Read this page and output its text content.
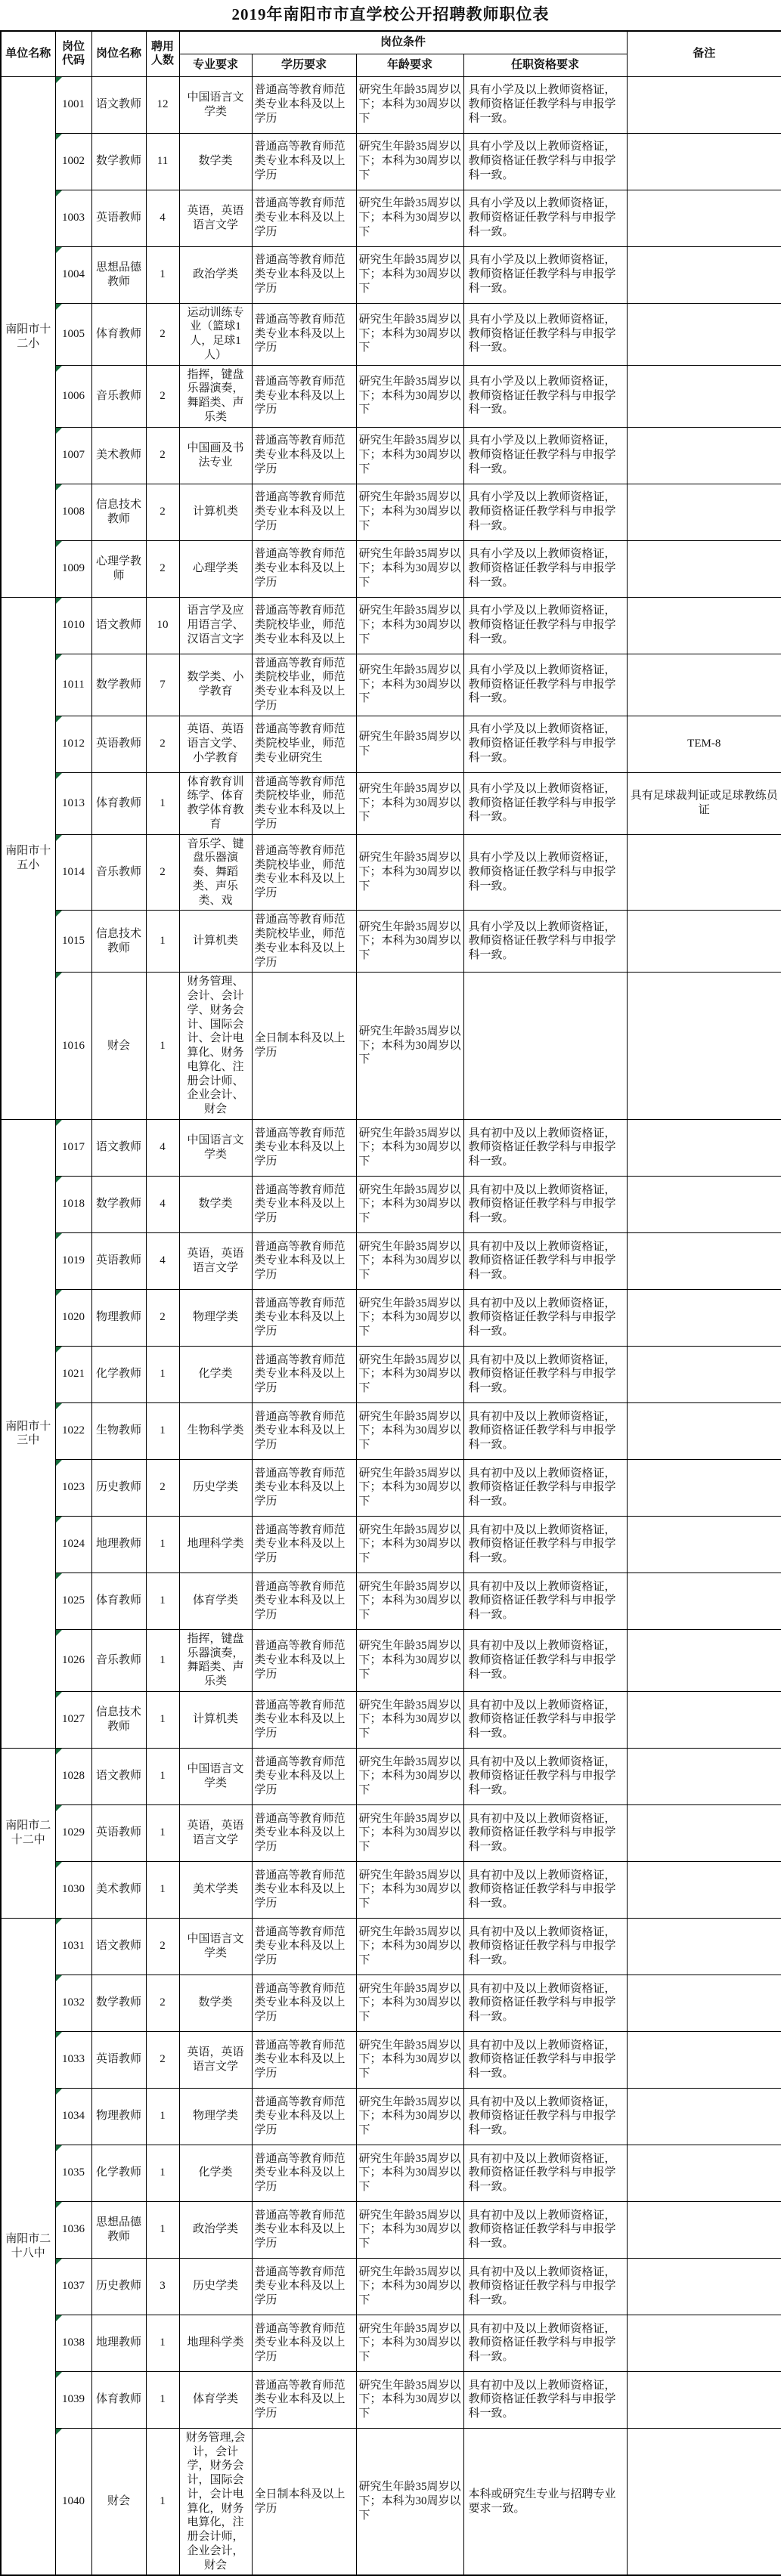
2019年南阳市市直学校公开招聘教师职位表
单位名称	岗位代码	岗位名称	聘用人数	岗位条件				备注
				专业要求	学历要求	年龄要求	任职资格要求	
南阳市十二小	1001	语文教师	12	中国语言文学类	普通高等教育师范类专业本科及以上学历	研究生年龄35周岁以下；本科为30周岁以下	具有小学及以上教师资格证，教师资格证任教学科与申报学科一致。	
	1002	数学教师	11	数学类	普通高等教育师范类专业本科及以上学历	研究生年龄35周岁以下；本科为30周岁以下	具有小学及以上教师资格证，教师资格证任教学科与申报学科一致。	
	1003	英语教师	4	英语，英语语言文学	普通高等教育师范类专业本科及以上学历	研究生年龄35周岁以下；本科为30周岁以下	具有小学及以上教师资格证，教师资格证任教学科与申报学科一致。	
	1004	思想品德教师	1	政治学类	普通高等教育师范类专业本科及以上学历	研究生年龄35周岁以下；本科为30周岁以下	具有小学及以上教师资格证，教师资格证任教学科与申报学科一致。	
	1005	体育教师	2	运动训练专业（篮球1人，足球1人）	普通高等教育师范类专业本科及以上学历	研究生年龄35周岁以下；本科为30周岁以下	具有小学及以上教师资格证，教师资格证任教学科与申报学科一致。	
	1006	音乐教师	2	指挥，键盘乐器演奏，舞蹈类、声乐类	普通高等教育师范类专业本科及以上学历	研究生年龄35周岁以下；本科为30周岁以下	具有小学及以上教师资格证，教师资格证任教学科与申报学科一致。	
	1007	美术教师	2	中国画及书法专业	普通高等教育师范类专业本科及以上学历	研究生年龄35周岁以下；本科为30周岁以下	具有小学及以上教师资格证，教师资格证任教学科与申报学科一致。	
	1008	信息技术教师	2	计算机类	普通高等教育师范类专业本科及以上学历	研究生年龄35周岁以下；本科为30周岁以下	具有小学及以上教师资格证，教师资格证任教学科与申报学科一致。	
	1009	心理学教师	2	心理学类	普通高等教育师范类专业本科及以上学历	研究生年龄35周岁以下；本科为30周岁以下	具有小学及以上教师资格证，教师资格证任教学科与申报学科一致。	
南阳市十五小	1010	语文教师	10	语言学及应用语言学、汉语言文字	普通高等教育师范类院校毕业，师范类专业本科及以上	研究生年龄35周岁以下；本科为30周岁以下	具有小学及以上教师资格证，教师资格证任教学科与申报学科一致。	
	1011	数学教师	7	数学类、小学教育	普通高等教育师范类院校毕业，师范类专业本科及以上学历	研究生年龄35周岁以下；本科为30周岁以下	具有小学及以上教师资格证，教师资格证任教学科与申报学科一致。	
	1012	英语教师	2	英语、英语语言文学、小学教育	普通高等教育师范类院校毕业，师范类专业研究生	研究生年龄35周岁以下	具有小学及以上教师资格证，教师资格证任教学科与申报学科一致。	TEM-8
	1013	体育教师	1	体育教育训练学、体育教学体育教育	普通高等教育师范类院校毕业，师范类专业本科及以上学历	研究生年龄35周岁以下；本科为30周岁以下	具有小学及以上教师资格证，教师资格证任教学科与申报学科一致。	具有足球裁判证或足球教练员证
	1014	音乐教师	2	音乐学、键盘乐器演奏、舞蹈类、声乐类、戏	普通高等教育师范类院校毕业，师范类专业本科及以上学历	研究生年龄35周岁以下；本科为30周岁以下	具有小学及以上教师资格证，教师资格证任教学科与申报学科一致。	
	1015	信息技术教师	1	计算机类	普通高等教育师范类院校毕业，师范类专业本科及以上学历	研究生年龄35周岁以下；本科为30周岁以下	具有小学及以上教师资格证，教师资格证任教学科与申报学科一致。	
	1016	财会	1	财务管理、会计、会计学、财务会计、国际会计、会计电算化、财务电算化、注册会计师、企业会计、财会	全日制本科及以上学历	研究生年龄35周岁以下；本科为30周岁以下		
南阳市十三中	1017	语文教师	4	中国语言文学类	普通高等教育师范类专业本科及以上学历	研究生年龄35周岁以下；本科为30周岁以下	具有初中及以上教师资格证，教师资格证任教学科与申报学科一致。	
	1018	数学教师	4	数学类	普通高等教育师范类专业本科及以上学历	研究生年龄35周岁以下；本科为30周岁以下	具有初中及以上教师资格证，教师资格证任教学科与申报学科一致。	
	1019	英语教师	4	英语，英语语言文学	普通高等教育师范类专业本科及以上学历	研究生年龄35周岁以下；本科为30周岁以下	具有初中及以上教师资格证，教师资格证任教学科与申报学科一致。	
	1020	物理教师	2	物理学类	普通高等教育师范类专业本科及以上学历	研究生年龄35周岁以下；本科为30周岁以下	具有初中及以上教师资格证，教师资格证任教学科与申报学科一致。	
	1021	化学教师	1	化学类	普通高等教育师范类专业本科及以上学历	研究生年龄35周岁以下；本科为30周岁以下	具有初中及以上教师资格证，教师资格证任教学科与申报学科一致。	
	1022	生物教师	1	生物科学类	普通高等教育师范类专业本科及以上学历	研究生年龄35周岁以下；本科为30周岁以下	具有初中及以上教师资格证，教师资格证任教学科与申报学科一致。	
	1023	历史教师	2	历史学类	普通高等教育师范类专业本科及以上学历	研究生年龄35周岁以下；本科为30周岁以下	具有初中及以上教师资格证，教师资格证任教学科与申报学科一致。	
	1024	地理教师	1	地理科学类	普通高等教育师范类专业本科及以上学历	研究生年龄35周岁以下；本科为30周岁以下	具有初中及以上教师资格证，教师资格证任教学科与申报学科一致。	
	1025	体育教师	1	体育学类	普通高等教育师范类专业本科及以上学历	研究生年龄35周岁以下；本科为30周岁以下	具有初中及以上教师资格证，教师资格证任教学科与申报学科一致。	
	1026	音乐教师	1	指挥，键盘乐器演奏，舞蹈类、声乐类	普通高等教育师范类专业本科及以上学历	研究生年龄35周岁以下；本科为30周岁以下	具有初中及以上教师资格证，教师资格证任教学科与申报学科一致。	
	1027	信息技术教师	1	计算机类	普通高等教育师范类专业本科及以上学历	研究生年龄35周岁以下；本科为30周岁以下	具有初中及以上教师资格证，教师资格证任教学科与申报学科一致。	
南阳市二十二中	1028	语文教师	1	中国语言文学类	普通高等教育师范类专业本科及以上学历	研究生年龄35周岁以下；本科为30周岁以下	具有初中及以上教师资格证，教师资格证任教学科与申报学科一致。	
	1029	英语教师	1	英语，英语语言文学	普通高等教育师范类专业本科及以上学历	研究生年龄35周岁以下；本科为30周岁以下	具有初中及以上教师资格证，教师资格证任教学科与申报学科一致。	
	1030	美术教师	1	美术学类	普通高等教育师范类专业本科及以上学历	研究生年龄35周岁以下；本科为30周岁以下	具有初中及以上教师资格证，教师资格证任教学科与申报学科一致。	
南阳市二十八中	1031	语文教师	2	中国语言文学类	普通高等教育师范类专业本科及以上学历	研究生年龄35周岁以下；本科为30周岁以下	具有初中及以上教师资格证，教师资格证任教学科与申报学科一致。	
	1032	数学教师	2	数学类	普通高等教育师范类专业本科及以上学历	研究生年龄35周岁以下；本科为30周岁以下	具有初中及以上教师资格证，教师资格证任教学科与申报学科一致。	
	1033	英语教师	2	英语，英语语言文学	普通高等教育师范类专业本科及以上学历	研究生年龄35周岁以下；本科为30周岁以下	具有初中及以上教师资格证，教师资格证任教学科与申报学科一致。	
	1034	物理教师	1	物理学类	普通高等教育师范类专业本科及以上学历	研究生年龄35周岁以下；本科为30周岁以下	具有初中及以上教师资格证，教师资格证任教学科与申报学科一致。	
	1035	化学教师	1	化学类	普通高等教育师范类专业本科及以上学历	研究生年龄35周岁以下；本科为30周岁以下	具有初中及以上教师资格证，教师资格证任教学科与申报学科一致。	
	1036	思想品德教师	1	政治学类	普通高等教育师范类专业本科及以上学历	研究生年龄35周岁以下；本科为30周岁以下	具有初中及以上教师资格证，教师资格证任教学科与申报学科一致。	
	1037	历史教师	3	历史学类	普通高等教育师范类专业本科及以上学历	研究生年龄35周岁以下；本科为30周岁以下	具有初中及以上教师资格证，教师资格证任教学科与申报学科一致。	
	1038	地理教师	1	地理科学类	普通高等教育师范类专业本科及以上学历	研究生年龄35周岁以下；本科为30周岁以下	具有初中及以上教师资格证，教师资格证任教学科与申报学科一致。	
	1039	体育教师	1	体育学类	普通高等教育师范类专业本科及以上学历	研究生年龄35周岁以下；本科为30周岁以下	具有初中及以上教师资格证，教师资格证任教学科与申报学科一致。	
	1040	财会	1	财务管理,会计，会计学，财务会计，国际会计，会计电算化，财务电算化，注册会计师，企业会计，财会	全日制本科及以上学历	研究生年龄35周岁以下；本科为30周岁以下	本科或研究生专业与招聘专业要求一致。	
